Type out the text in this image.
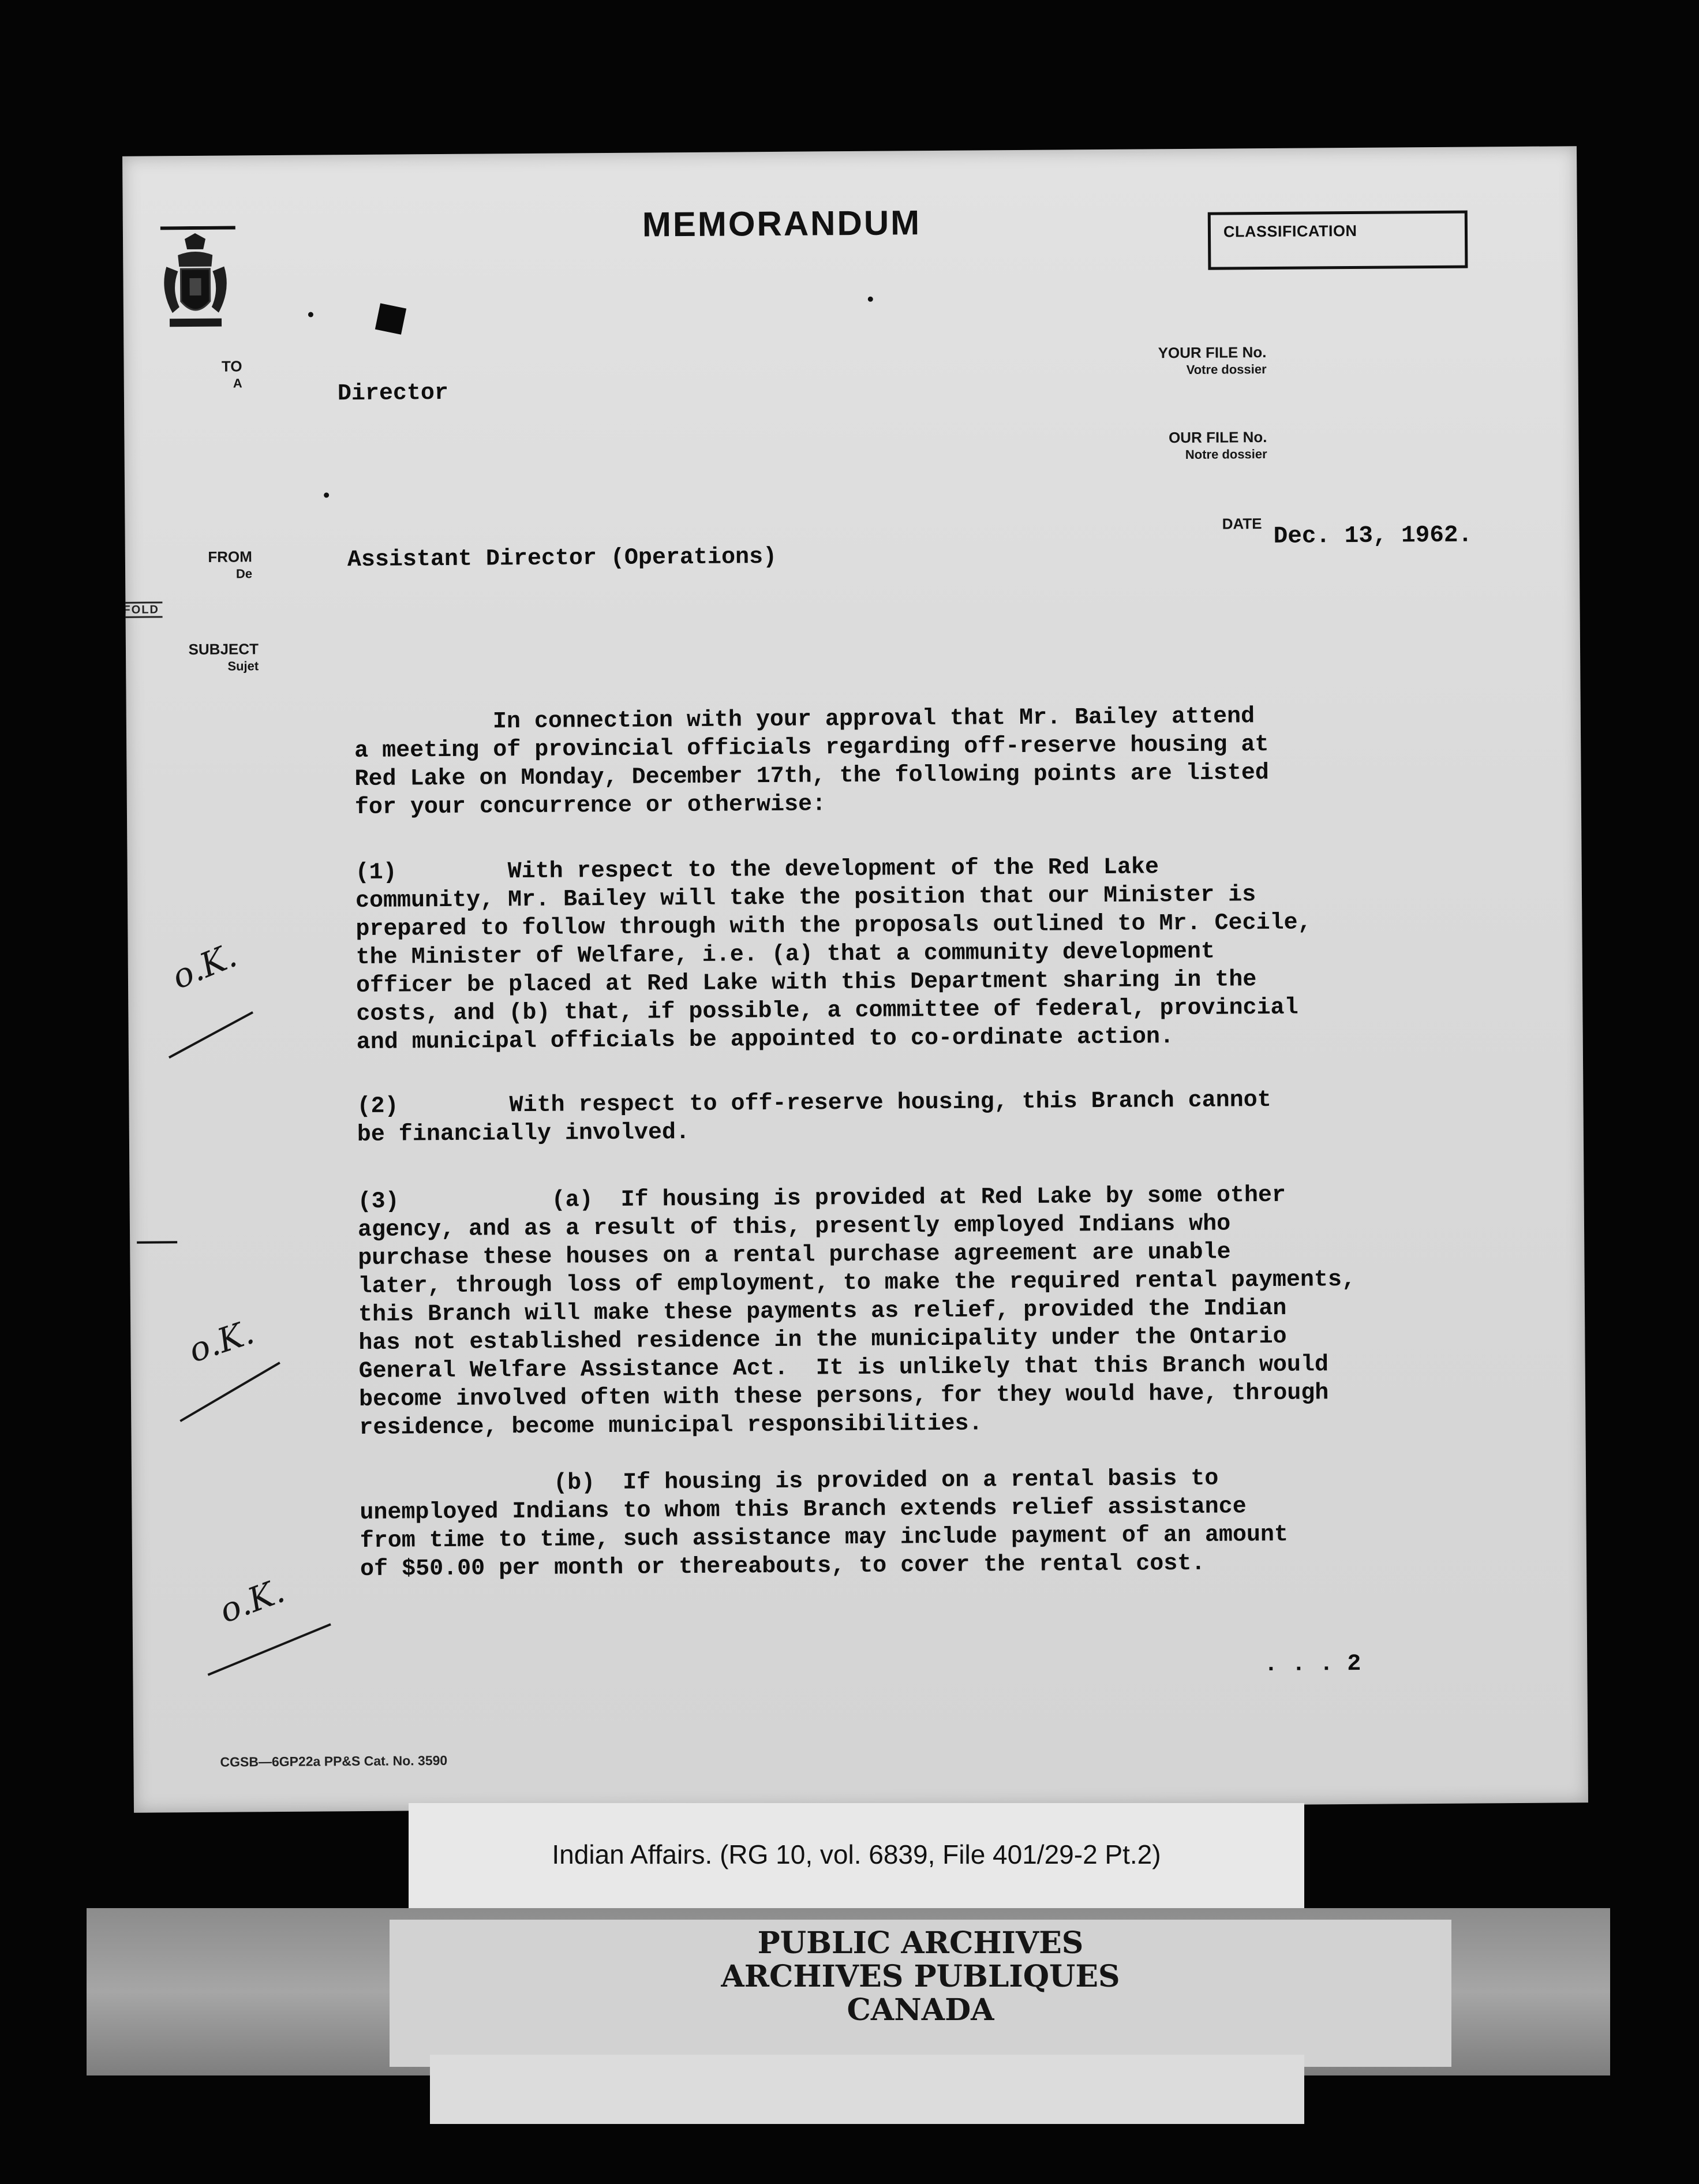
MEMORANDUM	CLASSIFICATION
TO
A	Director
YOUR FILE No.
Votre dossier
OUR FILE No.
Notre dossier
DATE Dec. 13, 1962.
FROM
De
Assistant Director (Operations)
FOLD
SUBJECT
Sujet
In connection with your approval that Mr. Bailey attend
a meeting of provincial officials regarding off-reserve housing at
Red Lake on Monday, December 17th, the following points are listed
for your concurrence or otherwise:
(1)        With respect to the development of the Red Lake
community, Mr. Bailey will take the position that our Minister is
prepared to follow through with the proposals outlined to Mr. Cecile,
the Minister of Welfare, i.e. (a) that a community development
officer be placed at Red Lake with this Department sharing in the
costs, and (b) that, if possible, a committee of federal, provincial
and municipal officials be appointed to co-ordinate action.
(2)        With respect to off-reserve housing, this Branch cannot
be financially involved.
(3)           (a)  If housing is provided at Red Lake by some other
agency, and as a result of this, presently employed Indians who
purchase these houses on a rental purchase agreement are unable
later, through loss of employment, to make the required rental payments,
this Branch will make these payments as relief, provided the Indian
has not established residence in the municipality under the Ontario
General Welfare Assistance Act.  It is unlikely that this Branch would
become involved often with these persons, for they would have, through
residence, become municipal responsibilities.
(b)  If housing is provided on a rental basis to
unemployed Indians to whom this Branch extends relief assistance
from time to time, such assistance may include payment of an amount
of $50.00 per month or thereabouts, to cover the rental cost.
. . . 2
o.K.
o.K.
o.K.
CGSB—6GP22a PP&S Cat. No. 3590
Indian Affairs. (RG 10, vol. 6839, File 401/29-2 Pt.2)
PUBLIC ARCHIVES
ARCHIVES PUBLIQUES
CANADA
